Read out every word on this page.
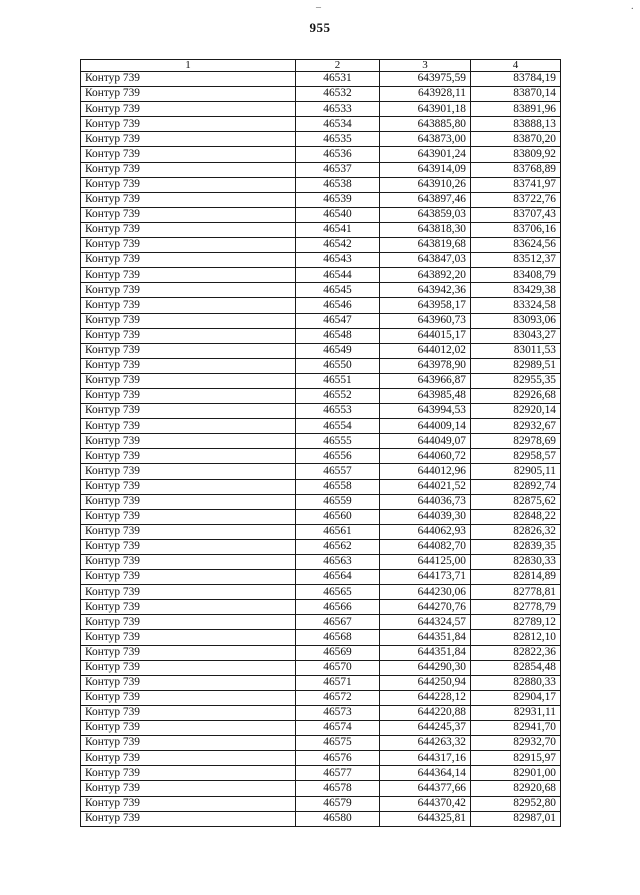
–	·
955
1	2	3	4
Контур 739	46531	643975,59	83784,19
Контур 739	46532	643928,11	83870,14
Контур 739	46533	643901,18	83891,96
Контур 739	46534	643885,80	83888,13
Контур 739	46535	643873,00	83870,20
Контур 739	46536	643901,24	83809,92
Контур 739	46537	643914,09	83768,89
Контур 739	46538	643910,26	83741,97
Контур 739	46539	643897,46	83722,76
Контур 739	46540	643859,03	83707,43
Контур 739	46541	643818,30	83706,16
Контур 739	46542	643819,68	83624,56
Контур 739	46543	643847,03	83512,37
Контур 739	46544	643892,20	83408,79
Контур 739	46545	643942,36	83429,38
Контур 739	46546	643958,17	83324,58
Контур 739	46547	643960,73	83093,06
Контур 739	46548	644015,17	83043,27
Контур 739	46549	644012,02	83011,53
Контур 739	46550	643978,90	82989,51
Контур 739	46551	643966,87	82955,35
Контур 739	46552	643985,48	82926,68
Контур 739	46553	643994,53	82920,14
Контур 739	46554	644009,14	82932,67
Контур 739	46555	644049,07	82978,69
Контур 739	46556	644060,72	82958,57
Контур 739	46557	644012,96	82905,11
Контур 739	46558	644021,52	82892,74
Контур 739	46559	644036,73	82875,62
Контур 739	46560	644039,30	82848,22
Контур 739	46561	644062,93	82826,32
Контур 739	46562	644082,70	82839,35
Контур 739	46563	644125,00	82830,33
Контур 739	46564	644173,71	82814,89
Контур 739	46565	644230,06	82778,81
Контур 739	46566	644270,76	82778,79
Контур 739	46567	644324,57	82789,12
Контур 739	46568	644351,84	82812,10
Контур 739	46569	644351,84	82822,36
Контур 739	46570	644290,30	82854,48
Контур 739	46571	644250,94	82880,33
Контур 739	46572	644228,12	82904,17
Контур 739	46573	644220,88	82931,11
Контур 739	46574	644245,37	82941,70
Контур 739	46575	644263,32	82932,70
Контур 739	46576	644317,16	82915,97
Контур 739	46577	644364,14	82901,00
Контур 739	46578	644377,66	82920,68
Контур 739	46579	644370,42	82952,80
Контур 739	46580	644325,81	82987,01
